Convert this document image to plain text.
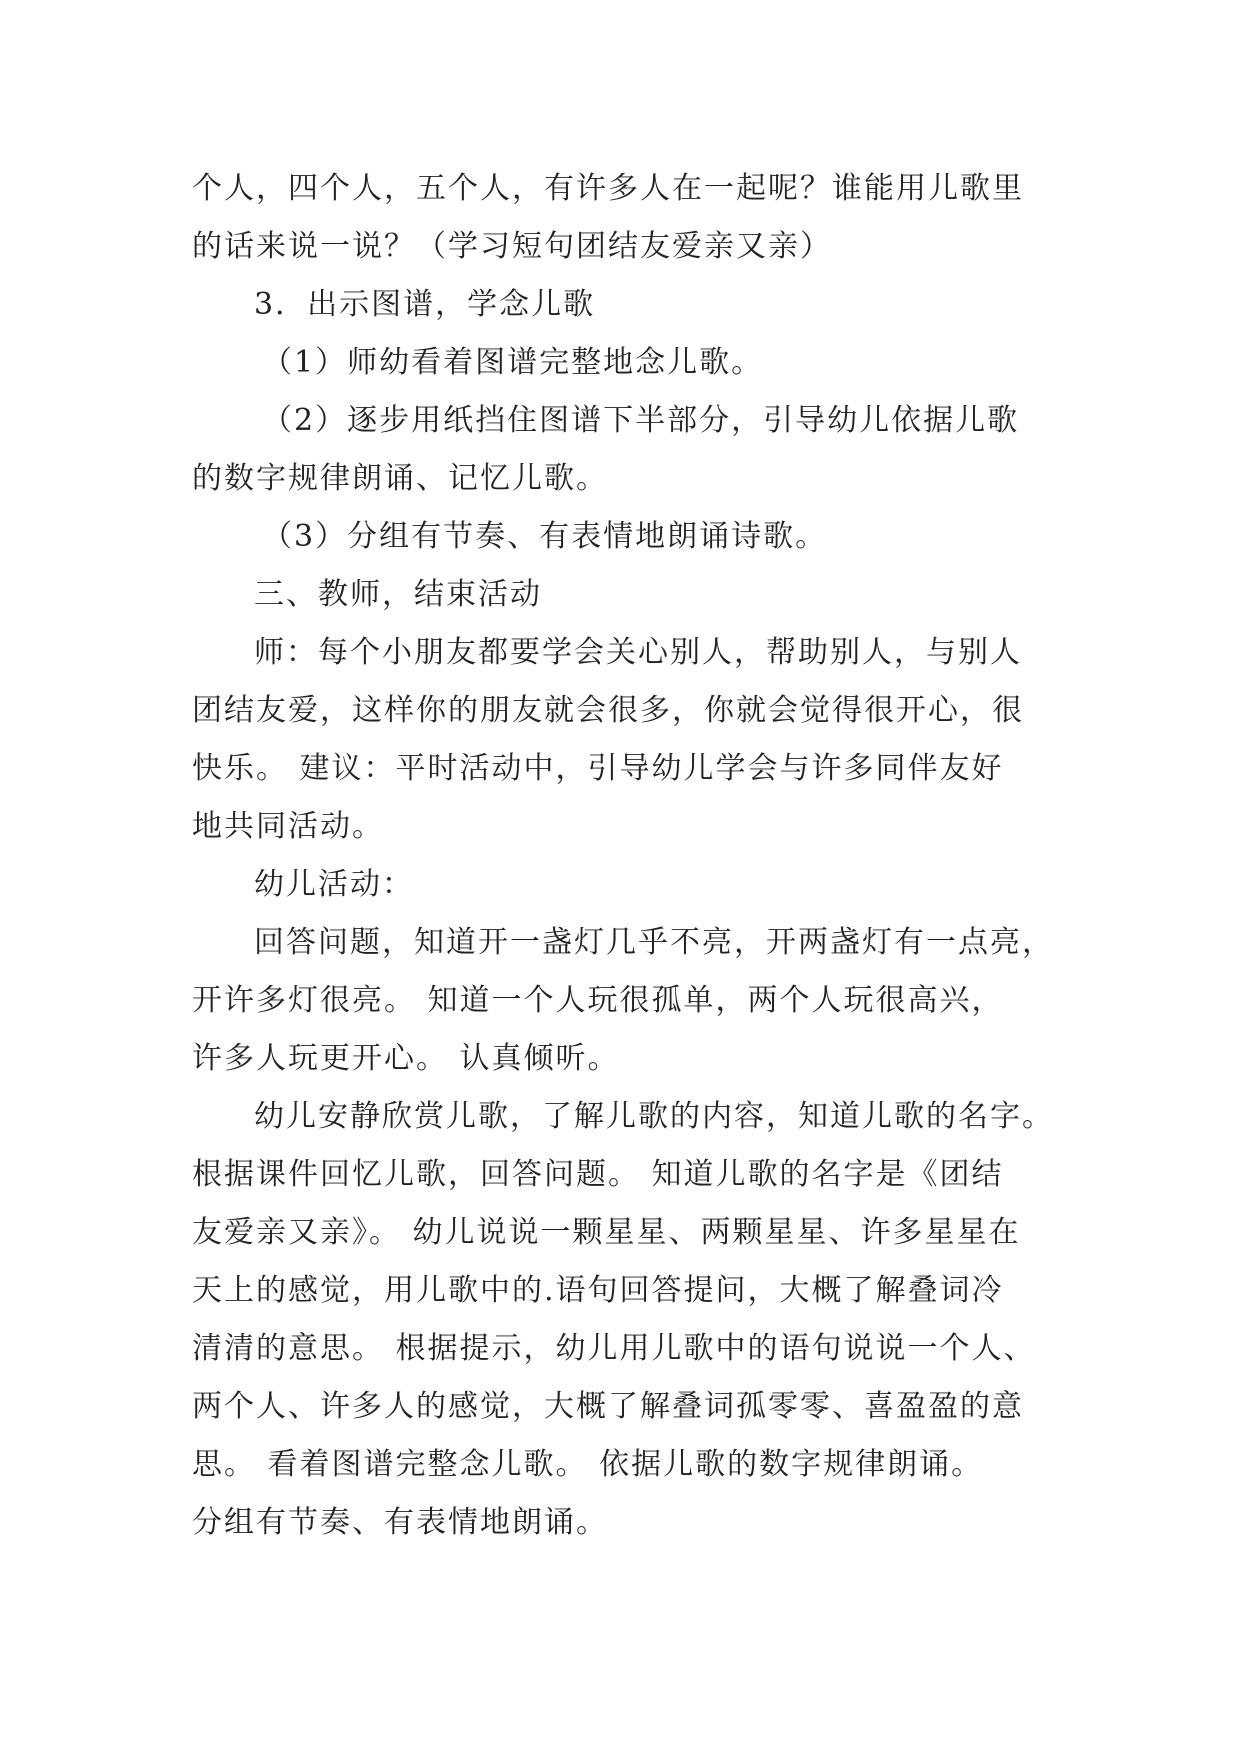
个人，四个人，五个人，有许多人在一起呢？谁能用儿歌里
的话来说一说？（学习短句团结友爱亲又亲）
3．出示图谱，学念儿歌
（1）师幼看着图谱完整地念儿歌。
（2）逐步用纸挡住图谱下半部分，引导幼儿依据儿歌
的数字规律朗诵、记忆儿歌。
（3）分组有节奏、有表情地朗诵诗歌。
三、教师，结束活动
师：每个小朋友都要学会关心别人，帮助别人，与别人
团结友爱，这样你的朋友就会很多，你就会觉得很开心，很
快乐。 建议：平时活动中，引导幼儿学会与许多同伴友好
地共同活动。
幼儿活动：
回答问题，知道开一盏灯几乎不亮，开两盏灯有一点亮，
开许多灯很亮。 知道一个人玩很孤单，两个人玩很高兴，
许多人玩更开心。 认真倾听。
幼儿安静欣赏儿歌，了解儿歌的内容，知道儿歌的名字。
根据课件回忆儿歌，回答问题。 知道儿歌的名字是《团结
友爱亲又亲》。 幼儿说说一颗星星、两颗星星、许多星星在
天上的感觉，用儿歌中的.语句回答提问，大概了解叠词冷
清清的意思。 根据提示，幼儿用儿歌中的语句说说一个人、
两个人、许多人的感觉，大概了解叠词孤零零、喜盈盈的意
思。 看着图谱完整念儿歌。 依据儿歌的数字规律朗诵。
分组有节奏、有表情地朗诵。
